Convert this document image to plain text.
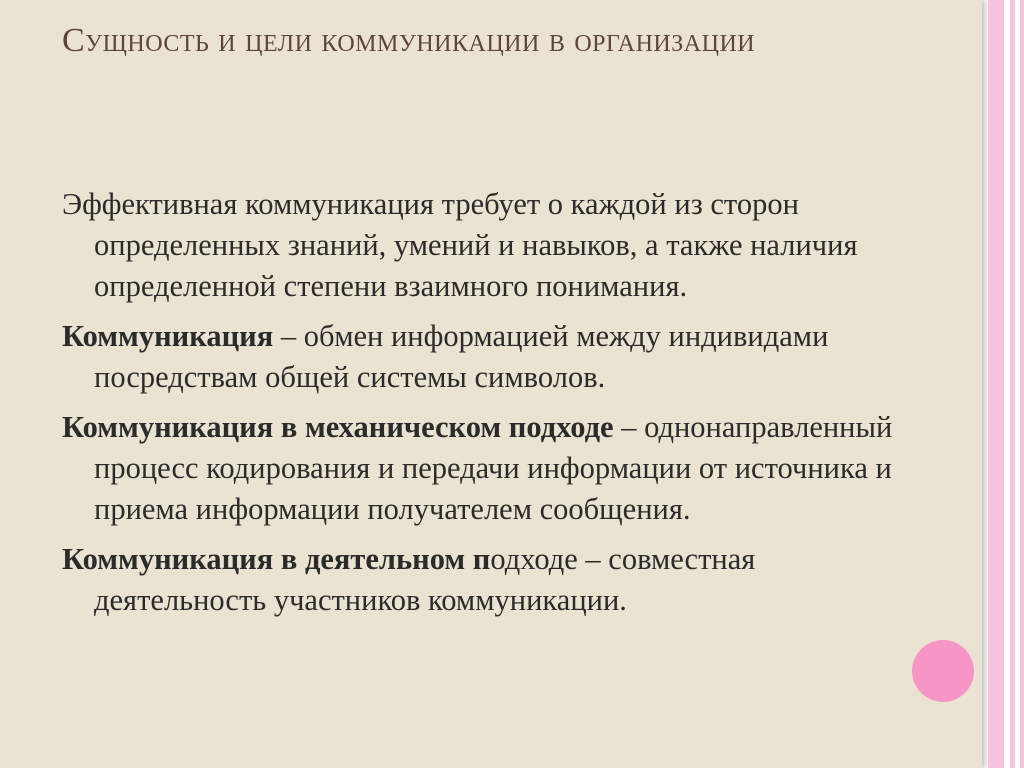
Сущность и цели коммуникации в организации

Эффективная коммуникация требует о каждой из сторон определенных знаний, умений и навыков, а также наличия определенной степени взаимного понимания.

Коммуникация – обмен информацией между индивидами посредствам общей системы символов.

Коммуникация в механическом подходе – однонаправленный процесс кодирования и передачи информации от источника и приема информации получателем сообщения.

Коммуникация в деятельном подходе – совместная деятельность участников коммуникации.
